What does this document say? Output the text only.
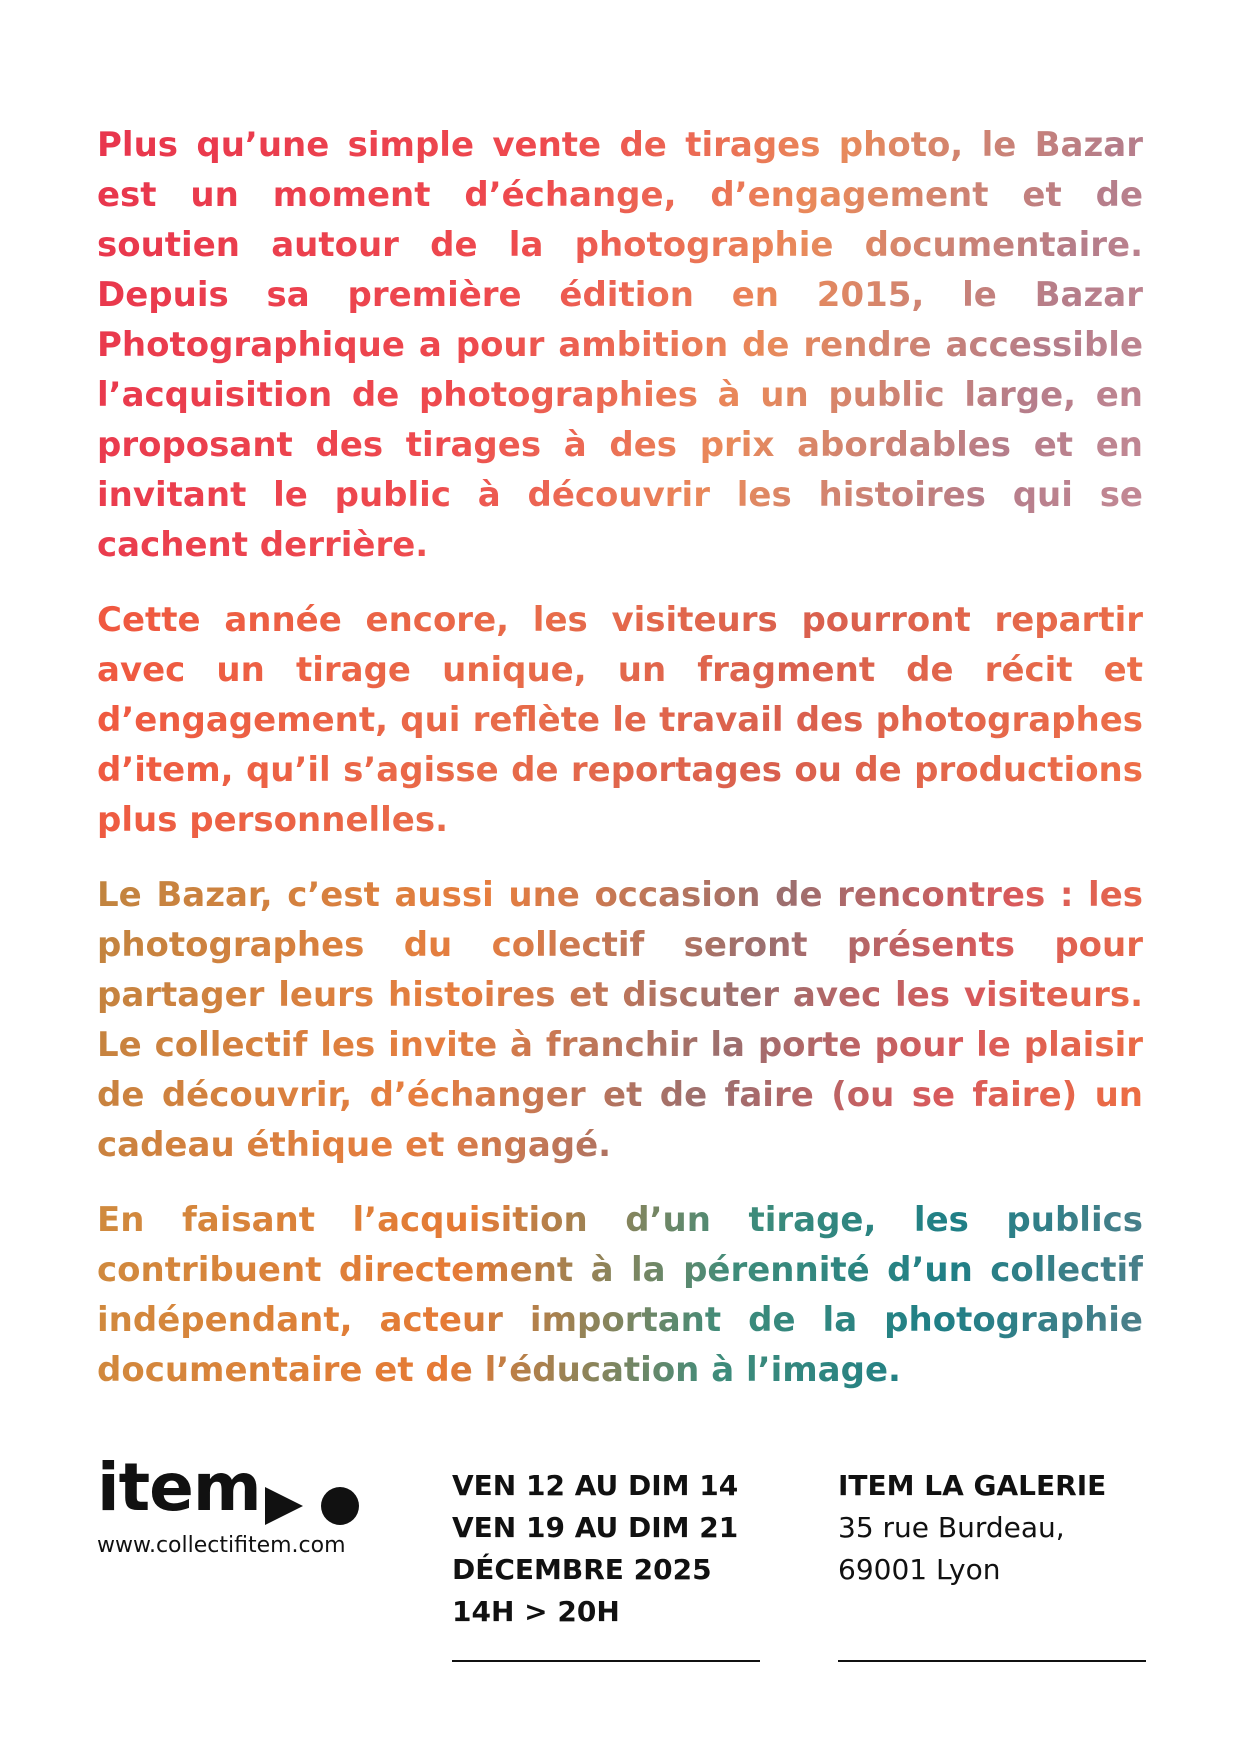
Plus qu’une simple vente de tirages photo, le Bazar est un moment d’échange, d’engagement et de soutien autour de la photographie documentaire. Depuis sa première édition en 2015, le Bazar Photographique a pour ambition de rendre accessible l’acquisition de photographies à un public large, en proposant des tirages à des prix abordables et en invitant le public à découvrir les histoires qui se cachent derrière.

Cette année encore, les visiteurs pourront repartir avec un tirage unique, un fragment de récit et d’engagement, qui reflète le travail des photographes d’item, qu’il s’agisse de reportages ou de productions plus personnelles.

Le Bazar, c’est aussi une occasion de rencontres : les photographes du collectif seront présents pour partager leurs histoires et discuter avec les visiteurs. Le collectif les invite à franchir la porte pour le plaisir de découvrir, d’échanger et de faire (ou se faire) un cadeau éthique et engagé.

En faisant l’acquisition d’un tirage, les publics contribuent directement à la pérennité d’un collectif indépendant, acteur important de la photographie documentaire et de l’éducation à l’image.

item
www.collectifitem.com
VEN 12 AU DIM 14
VEN 19 AU DIM 21
DÉCEMBRE 2025
14H > 20H
ITEM LA GALERIE
35 rue Burdeau,
69001 Lyon
